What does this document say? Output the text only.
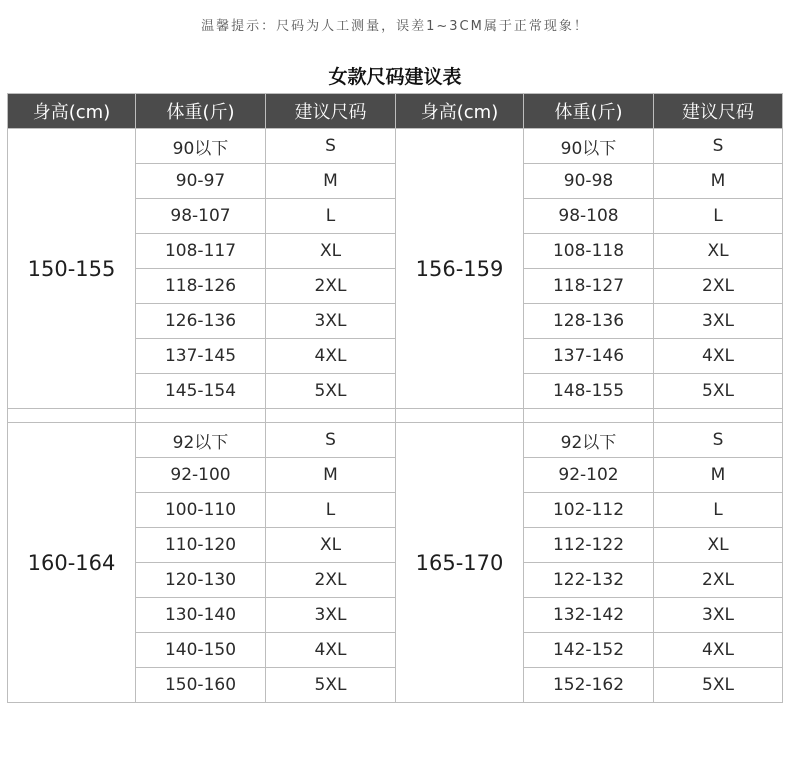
温馨提示：尺码为人工测量，误差1~3CM属于正常现象！
女款尺码建议表
身高(cm)	体重(斤)	建议尺码	身高(cm)	体重(斤)	建议尺码
150-155	90以下	S	156-159	90以下	S
	90-97	M		90-98	M
	98-107	L		98-108	L
	108-117	XL		108-118	XL
	118-126	2XL		118-127	2XL
	126-136	3XL		128-136	3XL
	137-145	4XL		137-146	4XL
	145-154	5XL		148-155	5XL

160-164	92以下	S	165-170	92以下	S
	92-100	M		92-102	M
	100-110	L		102-112	L
	110-120	XL		112-122	XL
	120-130	2XL		122-132	2XL
	130-140	3XL		132-142	3XL
	140-150	4XL		142-152	4XL
	150-160	5XL		152-162	5XL
